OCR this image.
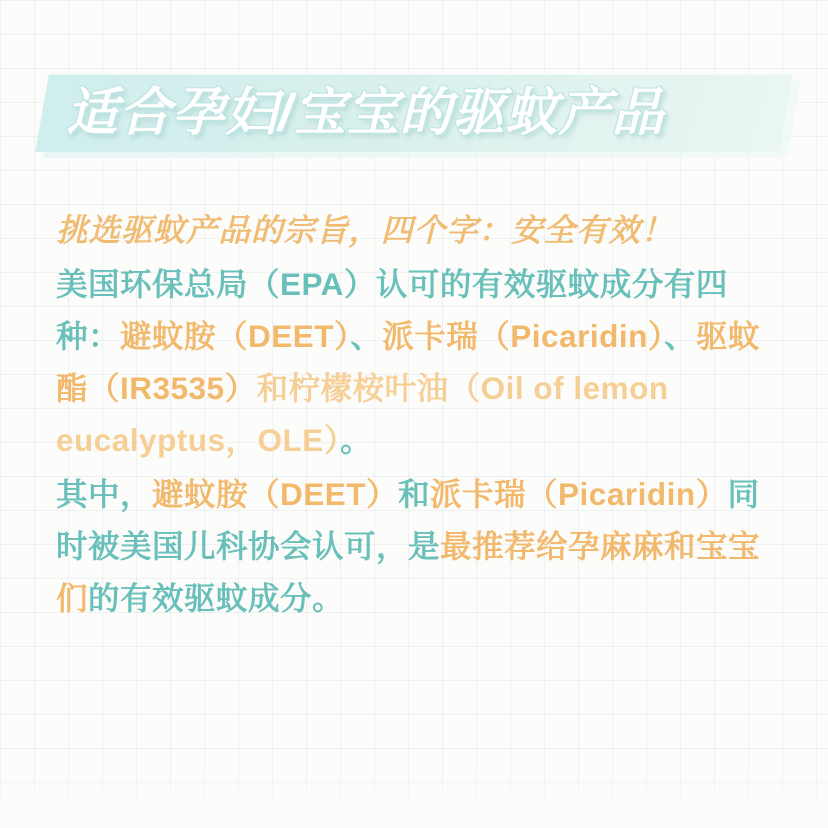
适合孕妇/宝宝的驱蚊产品

挑选驱蚊产品的宗旨，四个字：安全有效！

美国环保总局（EPA）认可的有效驱蚊成分有四种：避蚊胺（DEET）、派卡瑞（Picaridin）、驱蚊酯（IR3535）和柠檬桉叶油（Oil of lemon eucalyptus，OLE）。

其中，避蚊胺（DEET）和派卡瑞（Picaridin）同时被美国儿科协会认可，是最推荐给孕麻麻和宝宝们的有效驱蚊成分。
